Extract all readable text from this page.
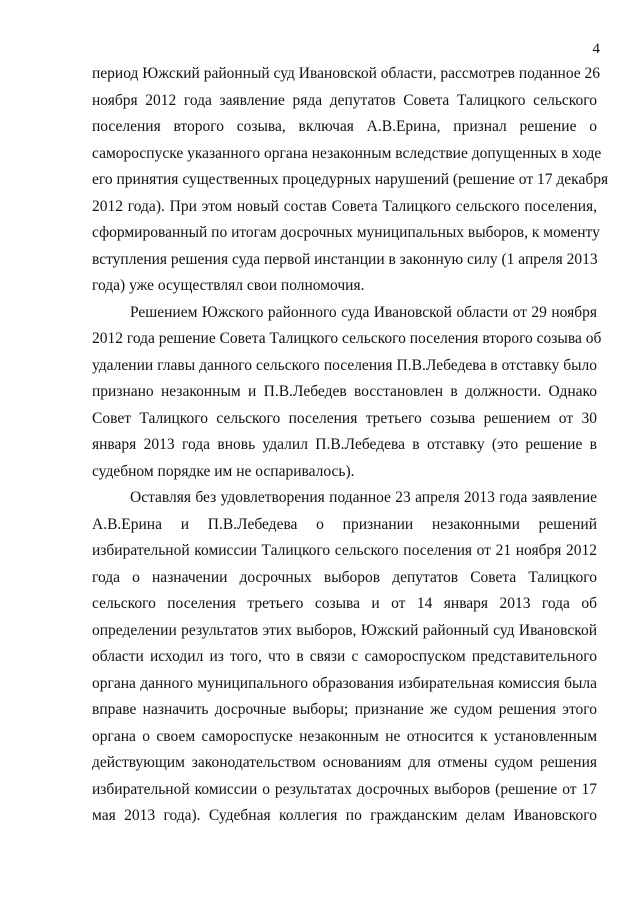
4

период Южский районный суд Ивановской области, рассмотрев поданное 26
ноября 2012 года заявление ряда депутатов Совета Талицкого сельского
поселения второго созыва, включая А.В.Ерина, признал решение о
самороспуске указанного органа незаконным вследствие допущенных в ходе
его принятия существенных процедурных нарушений (решение от 17 декабря
2012 года). При этом новый состав Совета Талицкого сельского поселения,
сформированный по итогам досрочных муниципальных выборов, к моменту
вступления решения суда первой инстанции в законную силу (1 апреля 2013
года) уже осуществлял свои полномочия.

Решением Южского районного суда Ивановской области от 29 ноября
2012 года решение Совета Талицкого сельского поселения второго созыва об
удалении главы данного сельского поселения П.В.Лебедева в отставку было
признано незаконным и П.В.Лебедев восстановлен в должности. Однако
Совет Талицкого сельского поселения третьего созыва решением от 30
января 2013 года вновь удалил П.В.Лебедева в отставку (это решение в
судебном порядке им не оспаривалось).

Оставляя без удовлетворения поданное 23 апреля 2013 года заявление
А.В.Ерина и П.В.Лебедева о признании незаконными решений
избирательной комиссии Талицкого сельского поселения от 21 ноября 2012
года о назначении досрочных выборов депутатов Совета Талицкого
сельского поселения третьего созыва и от 14 января 2013 года об
определении результатов этих выборов, Южский районный суд Ивановской
области исходил из того, что в связи с самороспуском представительного
органа данного муниципального образования избирательная комиссия была
вправе назначить досрочные выборы; признание же судом решения этого
органа о своем самороспуске незаконным не относится к установленным
действующим законодательством основаниям для отмены судом решения
избирательной комиссии о результатах досрочных выборов (решение от 17
мая 2013 года). Судебная коллегия по гражданским делам Ивановского
